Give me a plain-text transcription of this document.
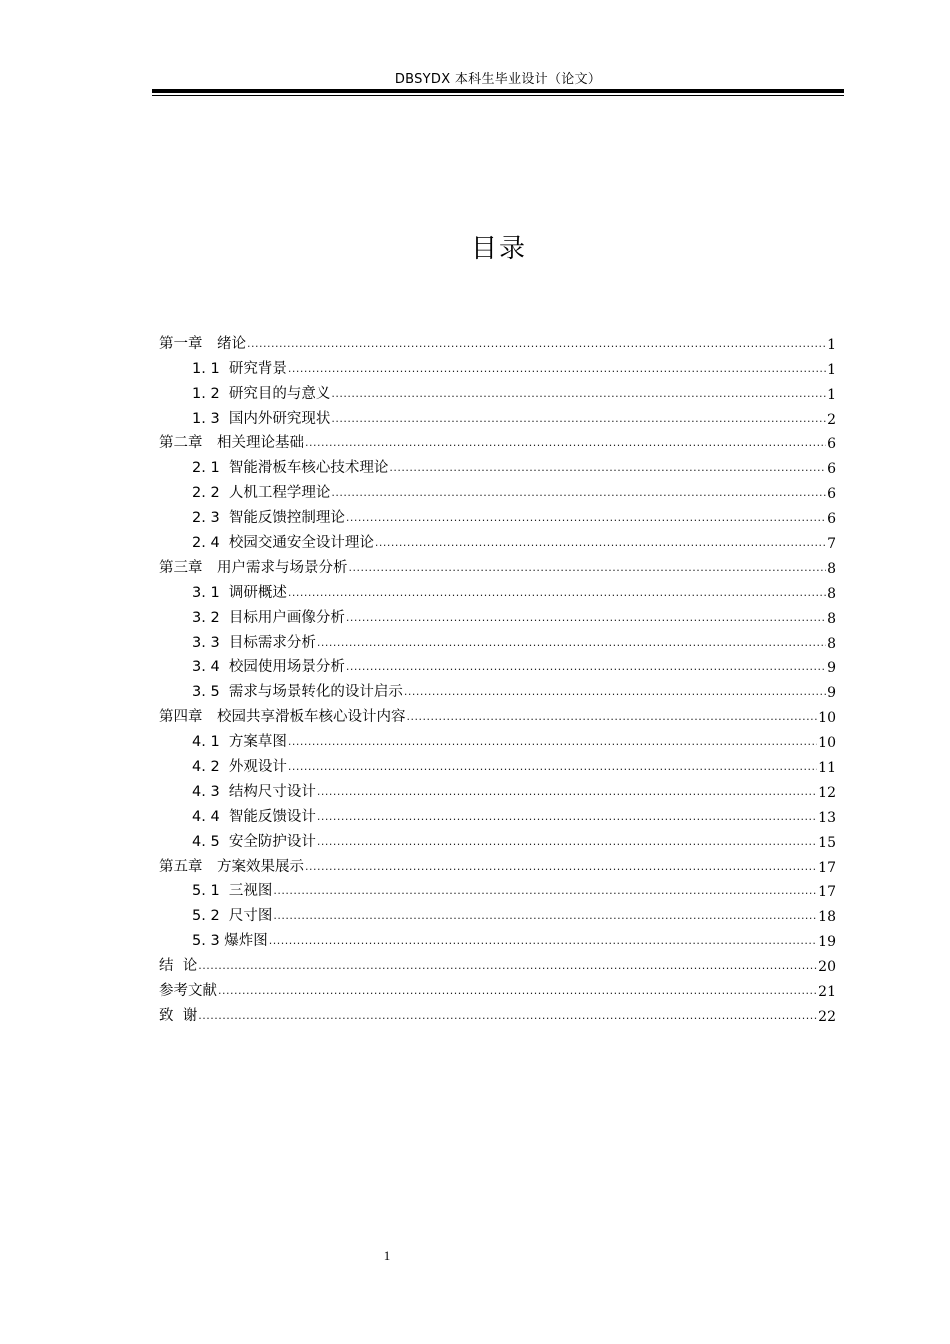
DBSYDX 本科生毕业设计（论文）
目录
第一章　绪论 .....	1
1. 1  研究背景 .....	1
1. 2  研究目的与意义 .....	1
1. 3  国内外研究现状 .....	2
第二章　相关理论基础 .....	6
2. 1  智能滑板车核心技术理论 .....	6
2. 2  人机工程学理论 .....	6
2. 3  智能反馈控制理论 .....	6
2. 4  校园交通安全设计理论 .....	7
第三章　用户需求与场景分析 .....	8
3. 1  调研概述 .....	8
3. 2  目标用户画像分析 .....	8
3. 3  目标需求分析 .....	8
3. 4  校园使用场景分析 .....	9
3. 5  需求与场景转化的设计启示 .....	9
第四章　校园共享滑板车核心设计内容 .....	10
4. 1  方案草图 .....	10
4. 2  外观设计 .....	11
4. 3  结构尺寸设计 .....	12
4. 4  智能反馈设计 .....	13
4. 5  安全防护设计 .....	15
第五章　方案效果展示 .....	17
5. 1  三视图 .....	17
5. 2  尺寸图 .....	18
5. 3 爆炸图 .....	19
结  论 .....	20
参考文献 .....	21
致  谢 .....	22
1
